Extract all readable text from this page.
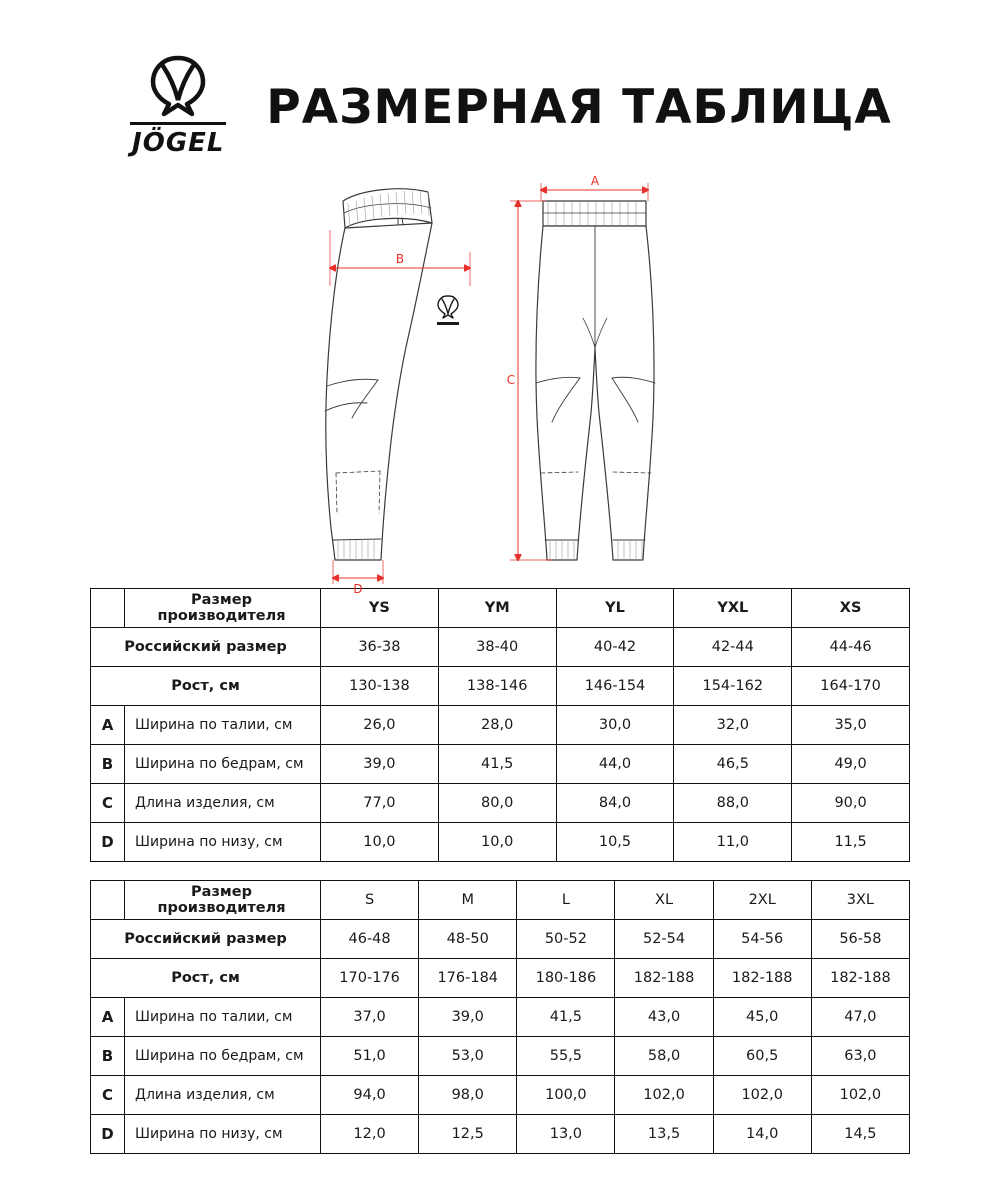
JÖGEL
РАЗМЕРНАЯ ТАБЛИЦА
B
D
A
C
	Размер производителя	YS	YM	YL	YXL	XS
Российский размер		36-38	38-40	40-42	42-44	44-46
Рост, см		130-138	138-146	146-154	154-162	164-170
A	Ширина по талии, см	26,0	28,0	30,0	32,0	35,0
B	Ширина по бедрам, см	39,0	41,5	44,0	46,5	49,0
C	Длина изделия, см	77,0	80,0	84,0	88,0	90,0
D	Ширина по низу, см	10,0	10,0	10,5	11,0	11,5
	Размер производителя	S	M	L	XL	2XL	3XL
Российский размер		46-48	48-50	50-52	52-54	54-56	56-58
Рост, см		170-176	176-184	180-186	182-188	182-188	182-188
A	Ширина по талии, см	37,0	39,0	41,5	43,0	45,0	47,0
B	Ширина по бедрам, см	51,0	53,0	55,5	58,0	60,5	63,0
C	Длина изделия, см	94,0	98,0	100,0	102,0	102,0	102,0
D	Ширина по низу, см	12,0	12,5	13,0	13,5	14,0	14,5
